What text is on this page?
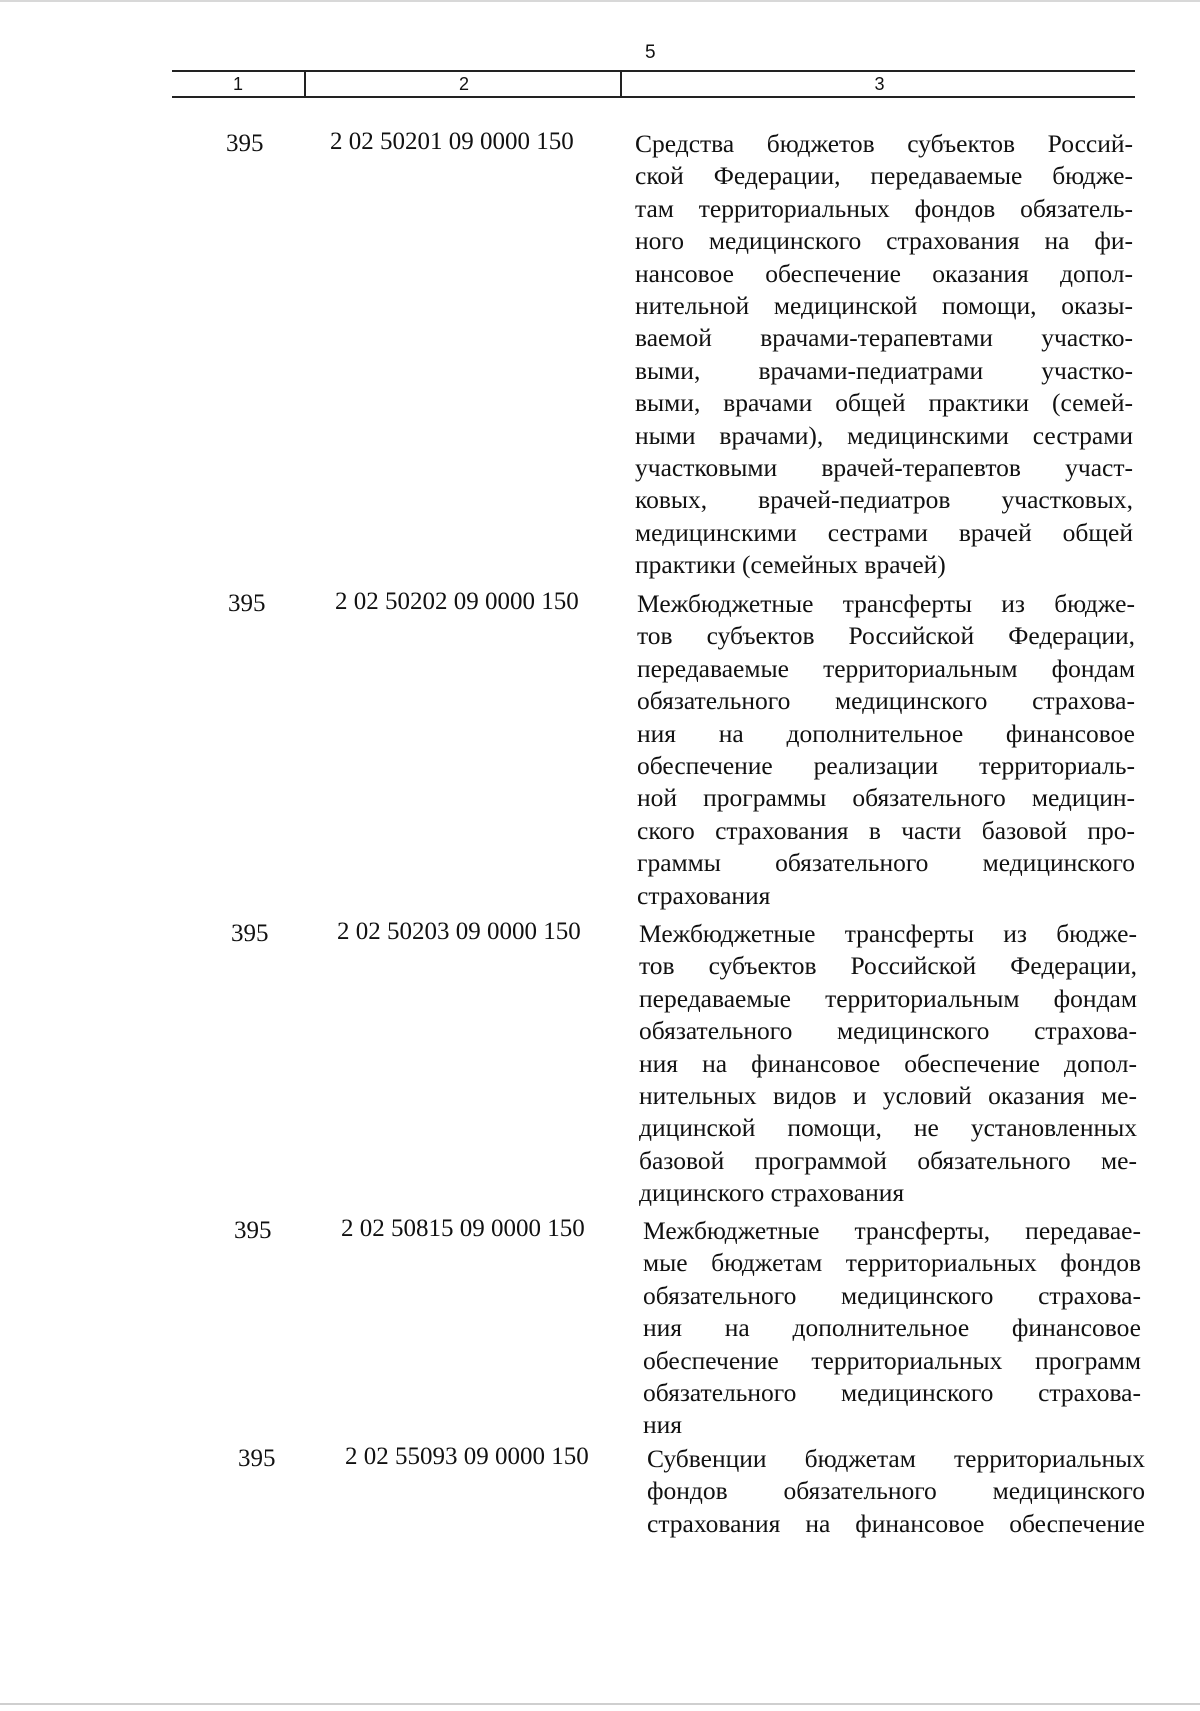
5
1	2	3
395	2 02 50201 09 0000 150 Средства бюджетов субъектов Россий-
ской Федерации, передаваемые бюдже-
там территориальных фондов обязатель-
ного медицинского страхования на фи-
нансовое обеспечение оказания допол-
нительной медицинской помощи, оказы-
ваемой врачами-терапевтами участко-
выми, врачами-педиатрами участко-
выми, врачами общей практики (семей-
ными врачами), медицинскими сестрами
участковыми врачей-терапевтов участ-
ковых, врачей-педиатров участковых,
медицинскими сестрами врачей общей
практики (семейных врачей)
395	2 02 50202 09 0000 150 Межбюджетные трансферты из бюдже-
тов субъектов Российской Федерации,
передаваемые территориальным фондам
обязательного медицинского страхова-
ния на дополнительное финансовое
обеспечение реализации территориаль-
ной программы обязательного медицин-
ского страхования в части базовой про-
граммы обязательного медицинского
страхования
395	2 02 50203 09 0000 150 Межбюджетные трансферты из бюдже-
тов субъектов Российской Федерации,
передаваемые территориальным фондам
обязательного медицинского страхова-
ния на финансовое обеспечение допол-
нительных видов и условий оказания ме-
дицинской помощи, не установленных
базовой программой обязательного ме-
дицинского страхования
395	2 02 50815 09 0000 150 Межбюджетные трансферты, передавае-
мые бюджетам территориальных фондов
обязательного медицинского страхова-
ния на дополнительное финансовое
обеспечение территориальных программ
обязательного медицинского страхова-
ния
395	2 02 55093 09 0000 150 Субвенции бюджетам территориальных
фондов обязательного медицинского
страхования на финансовое обеспечение
